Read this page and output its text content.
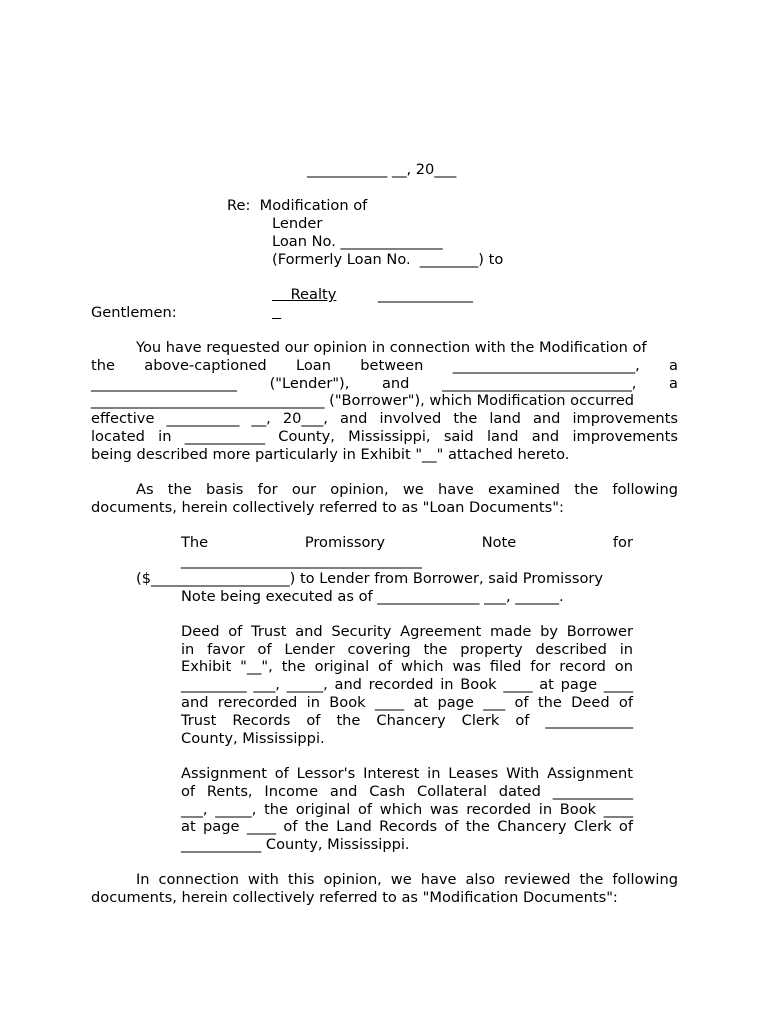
___________ __, 20___
Re:  Modification of
Lender
Loan No. ______________
(Formerly Loan No.  ________) to

Realty	_____________

Gentlemen:
You have requested our opinion in connection with the Modification of
the above-captioned Loan between _________________________, a
____________________ ("Lender"), and __________________________, a
________________________________ ("Borrower"), which Modification occurred
effective __________ __, 20___, and involved the land and improvements
located in ___________ County, Mississippi, said land and improvements
being described more particularly in Exhibit "__" attached hereto.
As the basis for our opinion, we have examined the following
documents, herein collectively referred to as "Loan Documents":
The Promissory Note for
_________________________________
($___________________) to Lender from Borrower, said Promissory
Note being executed as of ______________ ___, ______.
Deed of Trust and Security Agreement made by Borrower
in favor of Lender covering the property described in
Exhibit "__", the original of which was filed for record on
_________ ___, _____, and recorded in Book ____ at page ____
and rerecorded in Book ____ at page ___ of the Deed of
Trust Records of the Chancery Clerk of ____________
County, Mississippi.
Assignment of Lessor's Interest in Leases With Assignment
of Rents, Income and Cash Collateral dated ___________
___, _____, the original of which was recorded in Book ____
at page ____ of the Land Records of the Chancery Clerk of
___________ County, Mississippi.
In connection with this opinion, we have also reviewed the following
documents, herein collectively referred to as "Modification Documents":
